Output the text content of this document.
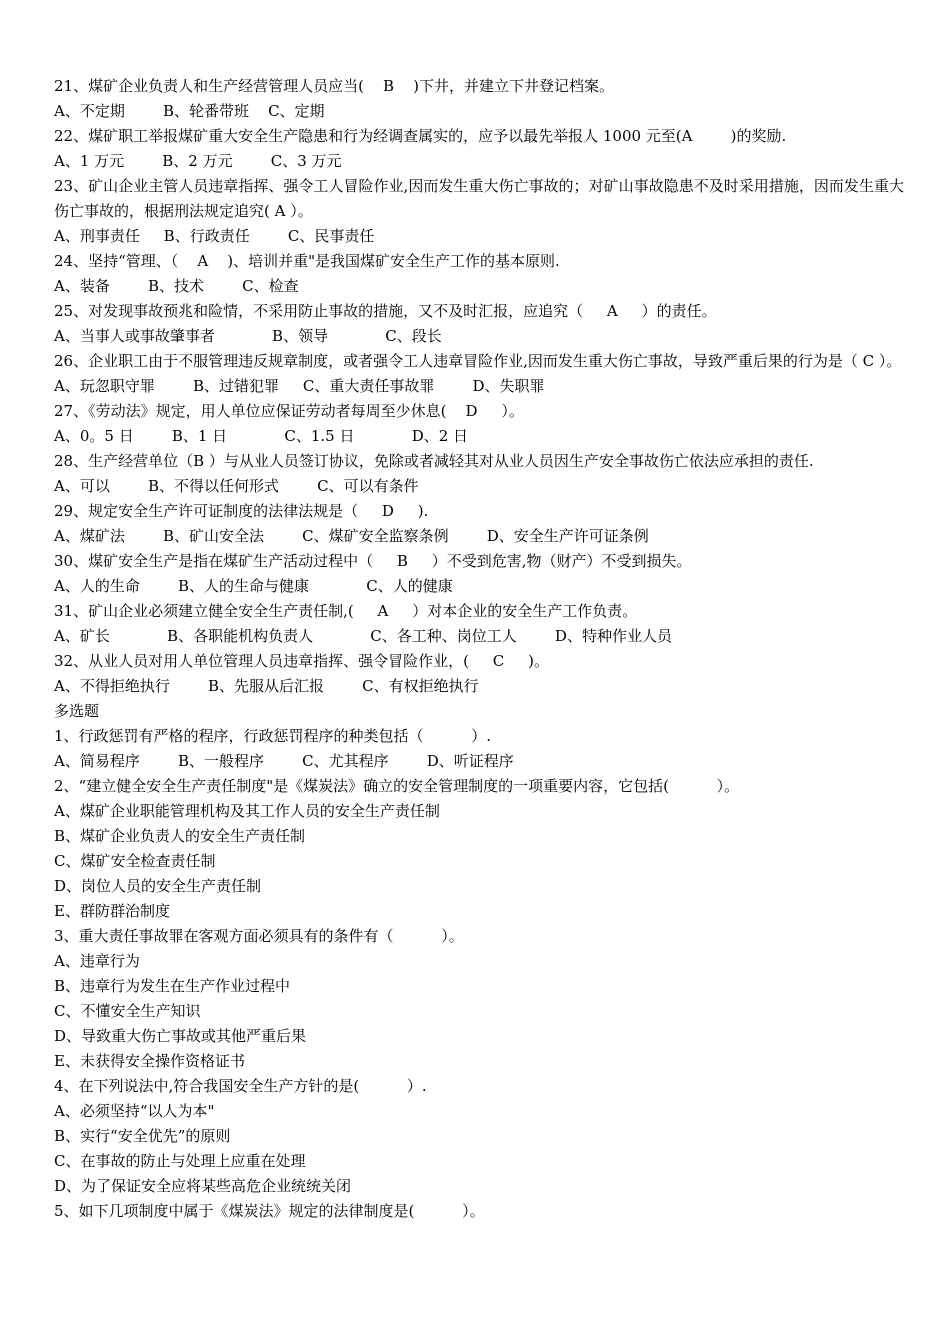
21、煤矿企业负责人和生产经营管理人员应当(    B    )下井，并建立下井登记档案。
A、不定期        B、轮番带班    C、定期
22、煤矿职工举报煤矿重大安全生产隐患和行为经调查属实的，应予以最先举报人 1000 元至(A        )的奖励.
A、1 万元        B、2 万元        C、3 万元
23、矿山企业主管人员违章指挥、强令工人冒险作业,因而发生重大伤亡事故的；对矿山事故隐患不及时采用措施，因而发生重大伤亡事故的，根据刑法规定追究( A ）。
A、刑事责任     B、行政责任        C、民事责任
24、坚持“管理、（    A    )、培训并重"是我国煤矿安全生产工作的基本原则.
A、装备        B、技术        C、检查
25、对发现事故预兆和险情，不采用防止事故的措施，又不及时汇报，应追究（     A     ）的责任。
A、当事人或事故肇事者            B、领导            C、段长
26、企业职工由于不服管理违反规章制度，或者强令工人违章冒险作业,因而发生重大伤亡事故，导致严重后果的行为是（ C ）。
A、玩忽职守罪        B、过错犯罪     C、重大责任事故罪        D、失职罪
27、《劳动法》规定，用人单位应保证劳动者每周至少休息(    D     ）。
A、0。5 日        B、1 日            C、1.5 日            D、2 日
28、生产经营单位（B ）与从业人员签订协议，免除或者减轻其对从业人员因生产安全事故伤亡依法应承担的责任.
A、可以        B、不得以任何形式        C、可以有条件
29、规定安全生产许可证制度的法律法规是（     D     ).
A、煤矿法        B、矿山安全法        C、煤矿安全监察条例        D、安全生产许可证条例
30、煤矿安全生产是指在煤矿生产活动过程中（     B     ）不受到危害,物（财产）不受到损失。
A、人的生命        B、人的生命与健康            C、人的健康
31、矿山企业必须建立健全安全生产责任制,(     A     ）对本企业的安全生产工作负责。
A、矿长            B、各职能机构负责人            C、各工种、岗位工人        D、特种作业人员
32、从业人员对用人单位管理人员违章指挥、强令冒险作业，(     C     )。
A、不得拒绝执行        B、先服从后汇报        C、有权拒绝执行
多选题
1、行政惩罚有严格的程序，行政惩罚程序的种类包括（          ）.
A、简易程序        B、一般程序        C、尤其程序        D、听证程序
2、“建立健全安全生产责任制度"是《煤炭法》确立的安全管理制度的一项重要内容，它包括(          ）。
A、煤矿企业职能管理机构及其工作人员的安全生产责任制
B、煤矿企业负责人的安全生产责任制
C、煤矿安全检查责任制
D、岗位人员的安全生产责任制
E、群防群治制度
3、重大责任事故罪在客观方面必须具有的条件有（          ）。
A、违章行为
B、违章行为发生在生产作业过程中
C、不懂安全生产知识
D、导致重大伤亡事故或其他严重后果
E、未获得安全操作资格证书
4、在下列说法中,符合我国安全生产方针的是(          ）.
A、必须坚持“以人为本"
B、实行“安全优先”的原则
C、在事故的防止与处理上应重在处理
D、为了保证安全应将某些高危企业统统关闭
5、如下几项制度中属于《煤炭法》规定的法律制度是(          ）。
